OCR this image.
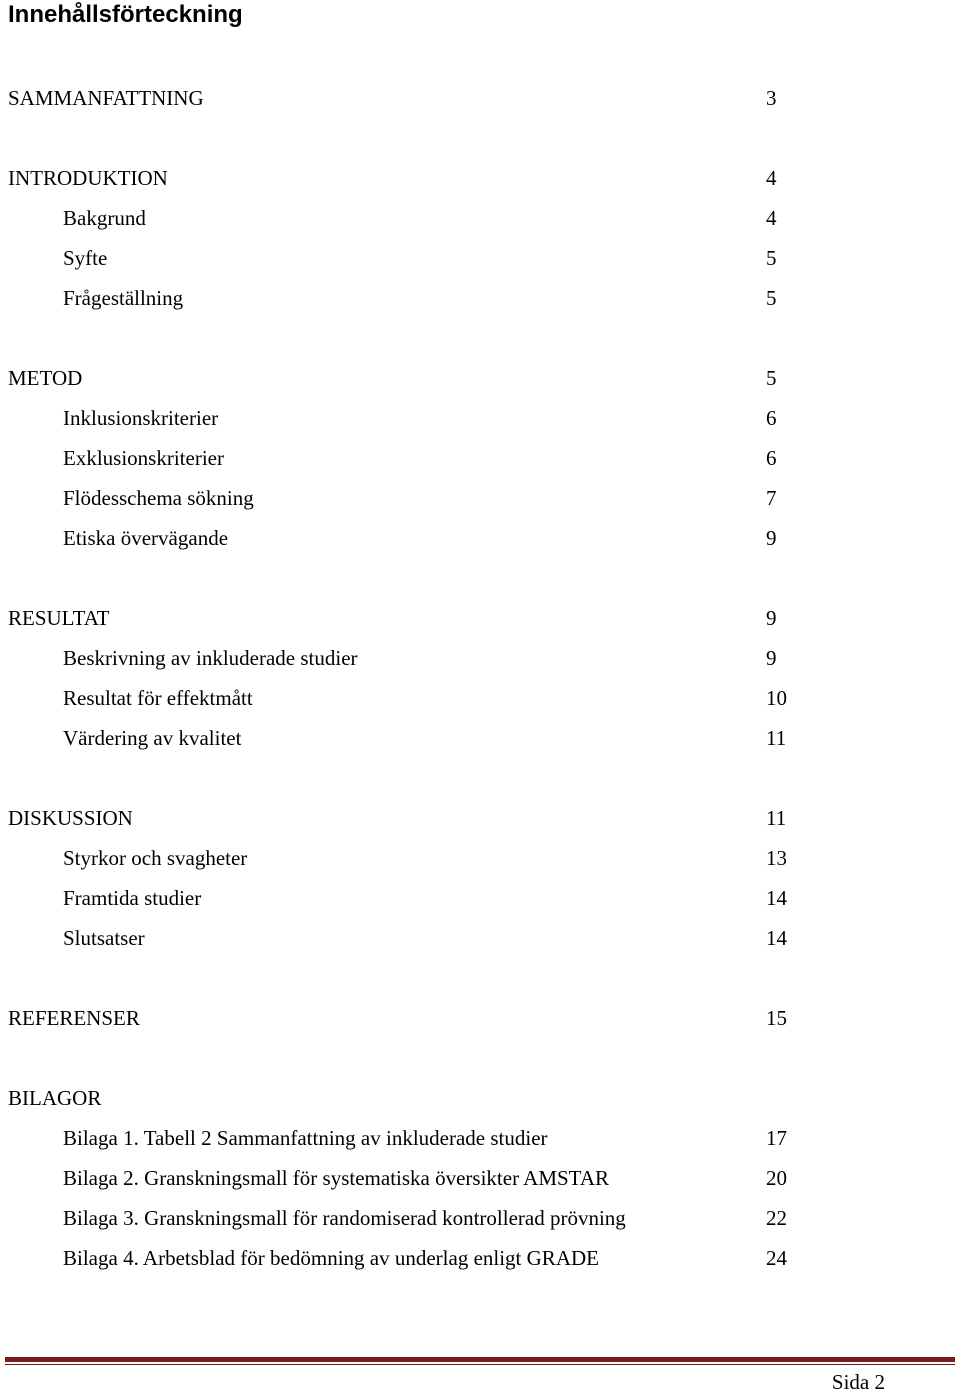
Innehållsförteckning
SAMMANFATTNING	3
INTRODUKTION	4
Bakgrund	4
Syfte	5
Frågeställning	5
METOD	5
Inklusionskriterier	6
Exklusionskriterier	6
Flödesschema sökning	7
Etiska övervägande	9
RESULTAT	9
Beskrivning av inkluderade studier	9
Resultat för effektmått	10
Värdering av kvalitet	11
DISKUSSION	11
Styrkor och svagheter	13
Framtida studier	14
Slutsatser	14
REFERENSER	15
BILAGOR
Bilaga 1. Tabell 2 Sammanfattning av inkluderade studier	17
Bilaga 2. Granskningsmall för systematiska översikter AMSTAR	20
Bilaga 3. Granskningsmall för randomiserad kontrollerad prövning	22
Bilaga 4. Arbetsblad för bedömning av underlag enligt GRADE	24
Sida 2
